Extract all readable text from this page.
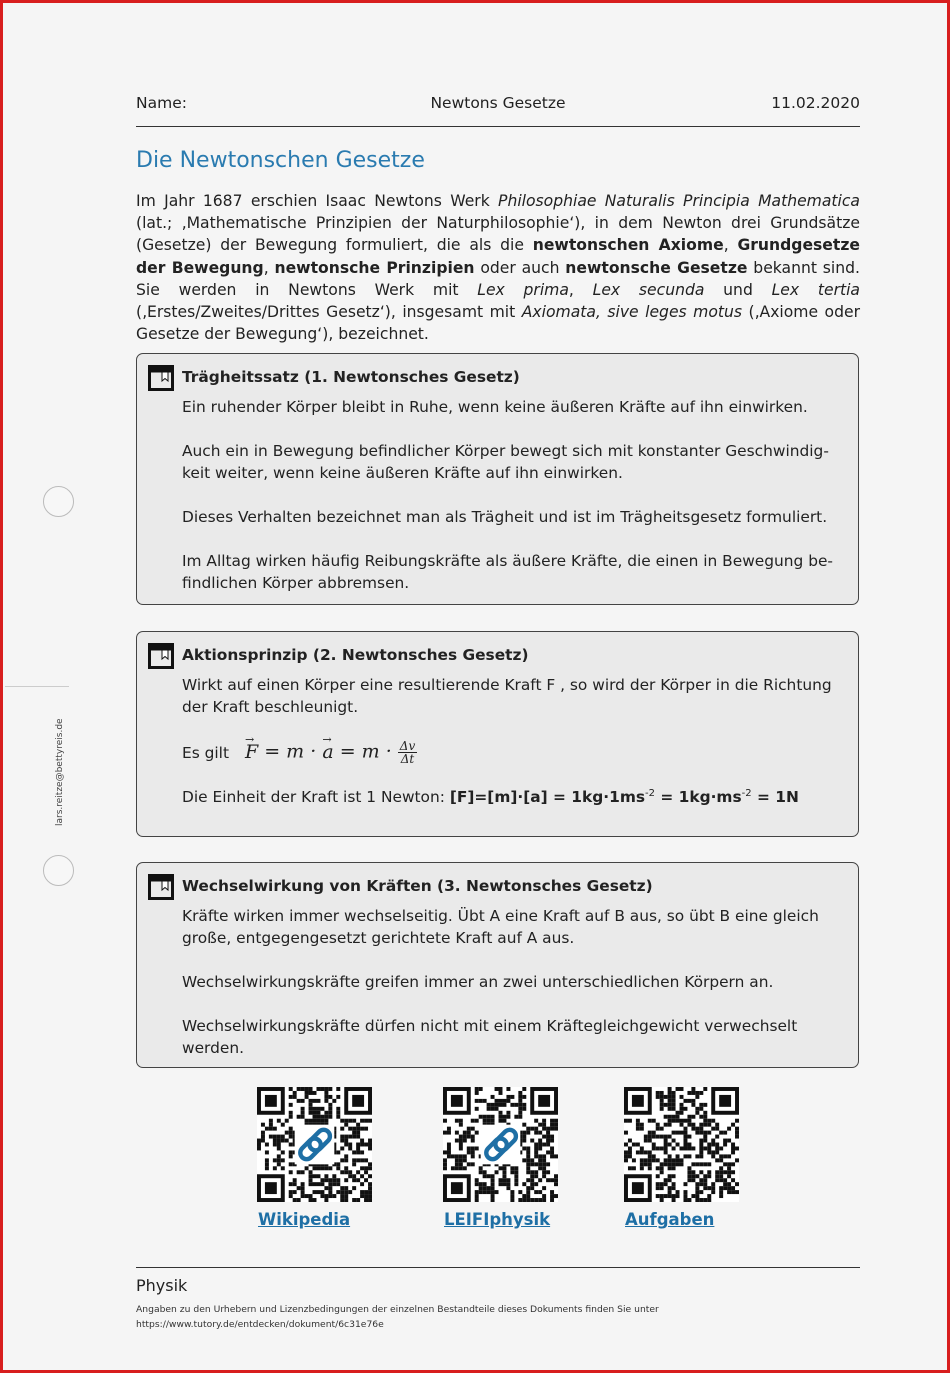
lars.reitze@bettyreis.de
Newtons Gesetze
Name:	11.02.2020
Die Newtonschen Gesetze

Im Jahr 1687 erschien Isaac Newtons Werk Philosophiae Naturalis Principia Mathematica (lat.; ‚Mathematische Prinzipien der Naturphilosophie‘), in dem Newton drei Grundsätze (Gesetze) der Bewegung formuliert, die als die newtonschen Axiome, Grundgesetze der Bewegung, newtonsche Prinzipien oder auch newtonsche Gesetze bekannt sind. Sie werden in Newtons Werk mit Lex prima, Lex secunda und Lex tertia (‚Erstes/Zweites/Drittes Gesetz‘), insgesamt mit Axiomata, sive leges motus (‚Axiome oder Gesetze der Bewegung‘), bezeichnet.

Trägheitssatz (1. Newtonsches Gesetz)

Ein ruhender Körper bleibt in Ruhe, wenn keine äußeren Kräfte auf ihn einwirken.

Auch ein in Bewegung befindlicher Körper bewegt sich mit konstanter Geschwindig-keit weiter, wenn keine äußeren Kräfte auf ihn einwirken.

Dieses Verhalten bezeichnet man als Trägheit und ist im Trägheitsgesetz formuliert.

Im Alltag wirken häufig Reibungskräfte als äußere Kräfte, die einen in Bewegung be-findlichen Körper abbremsen.

Aktionsprinzip (2. Newtonsches Gesetz)

Wirkt auf einen Körper eine resultierende Kraft F , so wird der Körper in die Richtung der Kraft beschleunigt.

Es gilt → F = m · → $a = m \cdot \frac{\Delta v}{\Delta t}$

Die Einheit der Kraft ist 1 Newton: $[F]=[m]\cdot[a] = 1kg\cdot 1ms^{-2} = 1kg\cdot ms^{-2} = 1N$

Wechselwirkung von Kräften (3. Newtonsches Gesetz)

Kräfte wirken immer wechselseitig. Übt A eine Kraft auf B aus, so übt B eine gleich große, entgegengesetzt gerichtete Kraft auf A aus.

Wechselwirkungskräfte greifen immer an zwei unterschiedlichen Körpern an.

Wechselwirkungskräfte dürfen nicht mit einem Kräftegleichgewicht verwechselt werden.

Wikipedia	LEIFIphysik	Aufgaben
Physik
Angaben zu den Urhebern und Lizenzbedingungen der einzelnen Bestandteile dieses Dokuments finden Sie unter
https://www.tutory.de/entdecken/dokument/6c31e76e
